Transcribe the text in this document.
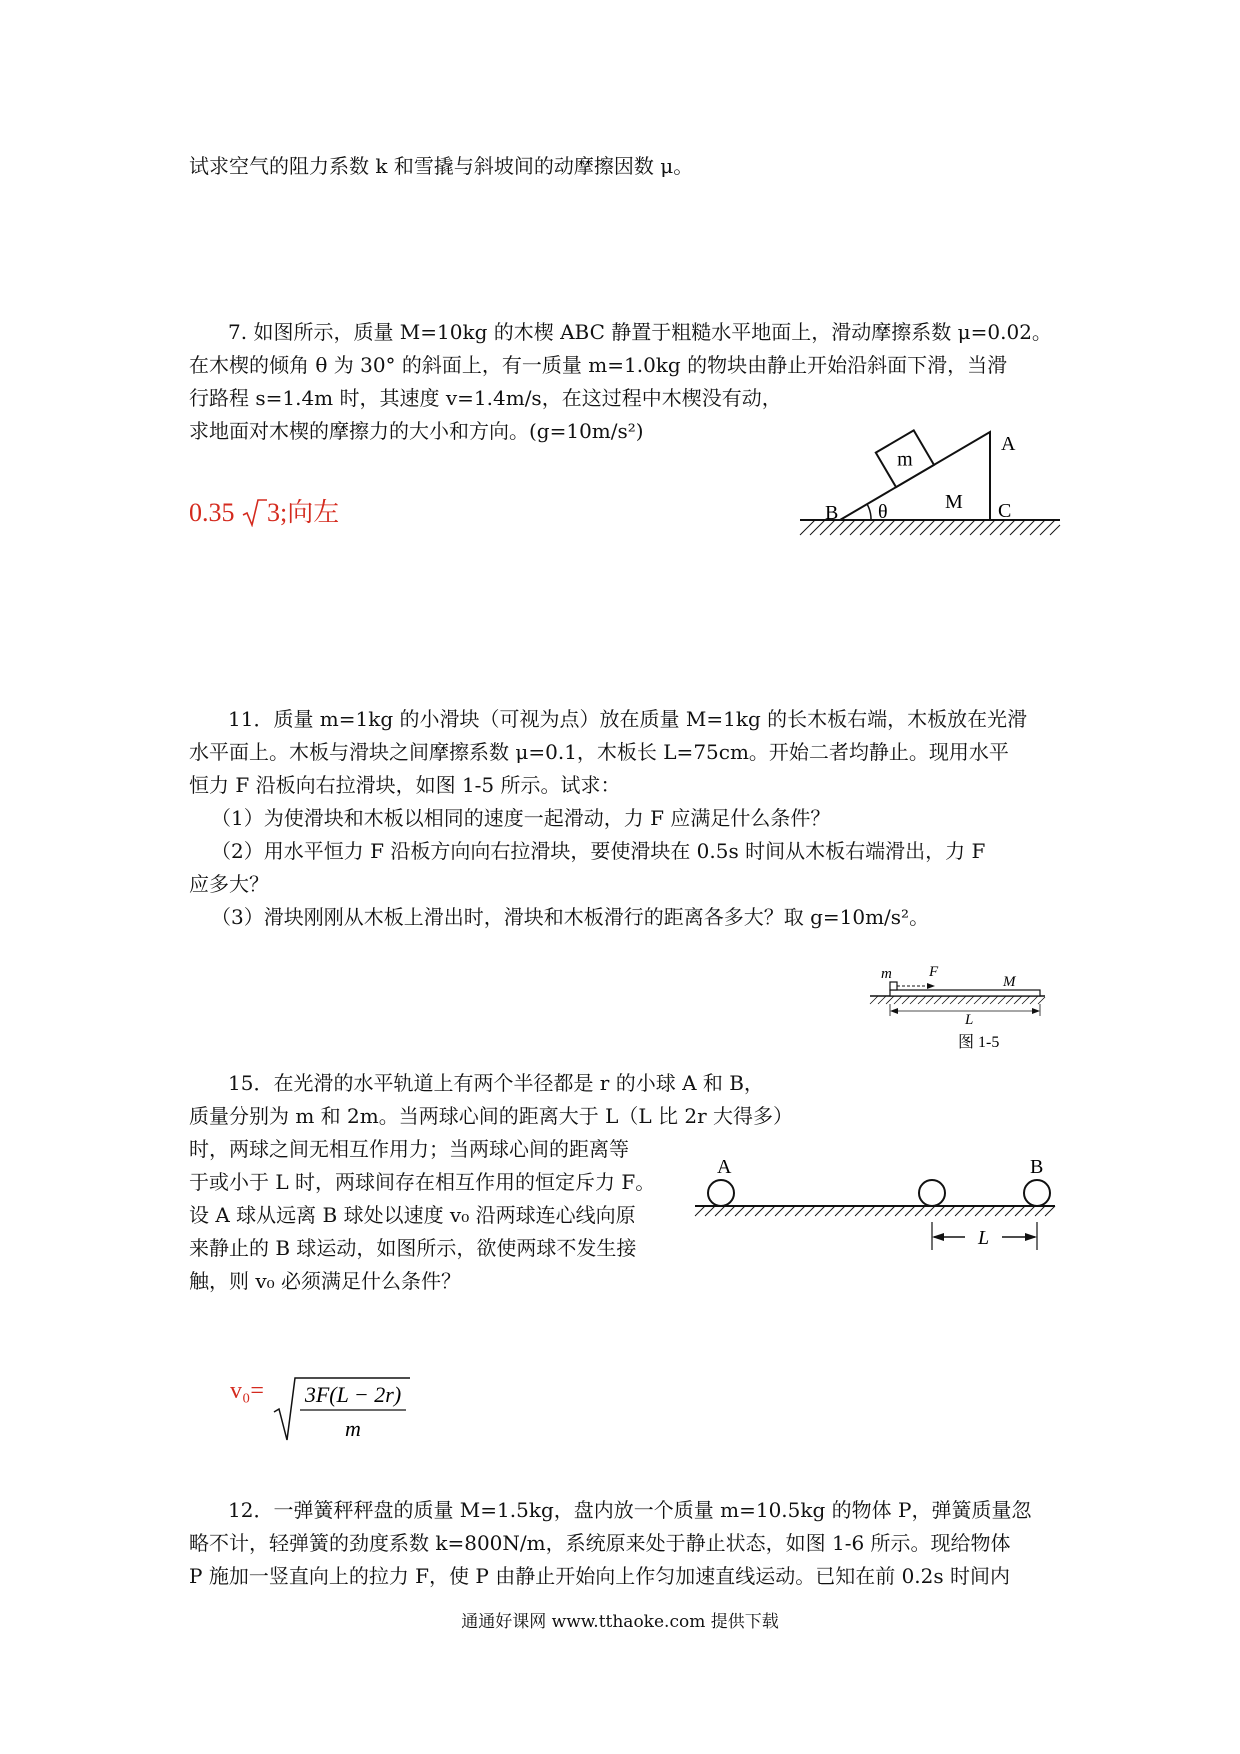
试求空气的阻力系数 k 和雪撬与斜坡间的动摩擦因数 μ。
7. 如图所示，质量 M=10kg 的木楔 ABC 静置于粗糙水平地面上，滑动摩擦系数 μ=0.02。
在木楔的倾角 θ 为 30° 的斜面上，有一质量 m=1.0kg 的物块由静止开始沿斜面下滑，当滑
行路程 s=1.4m 时，其速度 v=1.4m/s，在这过程中木楔没有动，
求地面对木楔的摩擦力的大小和方向。(g=10m/s²)
0.35 3;向左
m
θ
B
A
C
M
11．质量 m=1kg 的小滑块（可视为点）放在质量 M=1kg 的长木板右端，木板放在光滑
水平面上。木板与滑块之间摩擦系数 μ=0.1，木板长 L=75cm。开始二者均静止。现用水平
恒力 F 沿板向右拉滑块，如图 1-5 所示。试求：
（1）为使滑块和木板以相同的速度一起滑动，力 F 应满足什么条件？
（2）用水平恒力 F 沿板方向向右拉滑块，要使滑块在 0.5s 时间从木板右端滑出，力 F
应多大？
（3）滑块刚刚从木板上滑出时，滑块和木板滑行的距离各多大？取 g=10m/s²。
m F
M
L
图 1-5
15．在光滑的水平轨道上有两个半径都是 r 的小球 A 和 B，
质量分别为 m 和 2m。当两球心间的距离大于 L（L 比 2r 大得多）
时，两球之间无相互作用力；当两球心间的距离等
于或小于 L 时，两球间存在相互作用的恒定斥力 F。
设 A 球从远离 B 球处以速度 v₀ 沿两球连心线向原
来静止的 B 球运动，如图所示，欲使两球不发生接
触，则 v₀ 必须满足什么条件？
A	B
L
v₀= 3F(L − 2r)
m
12．一弹簧秤秤盘的质量 M=1.5kg，盘内放一个质量 m=10.5kg 的物体 P，弹簧质量忽
略不计，轻弹簧的劲度系数 k=800N/m，系统原来处于静止状态，如图 1-6 所示。现给物体
P 施加一竖直向上的拉力 F，使 P 由静止开始向上作匀加速直线运动。已知在前 0.2s 时间内
通通好课网 www.tthaoke.com 提供下载
